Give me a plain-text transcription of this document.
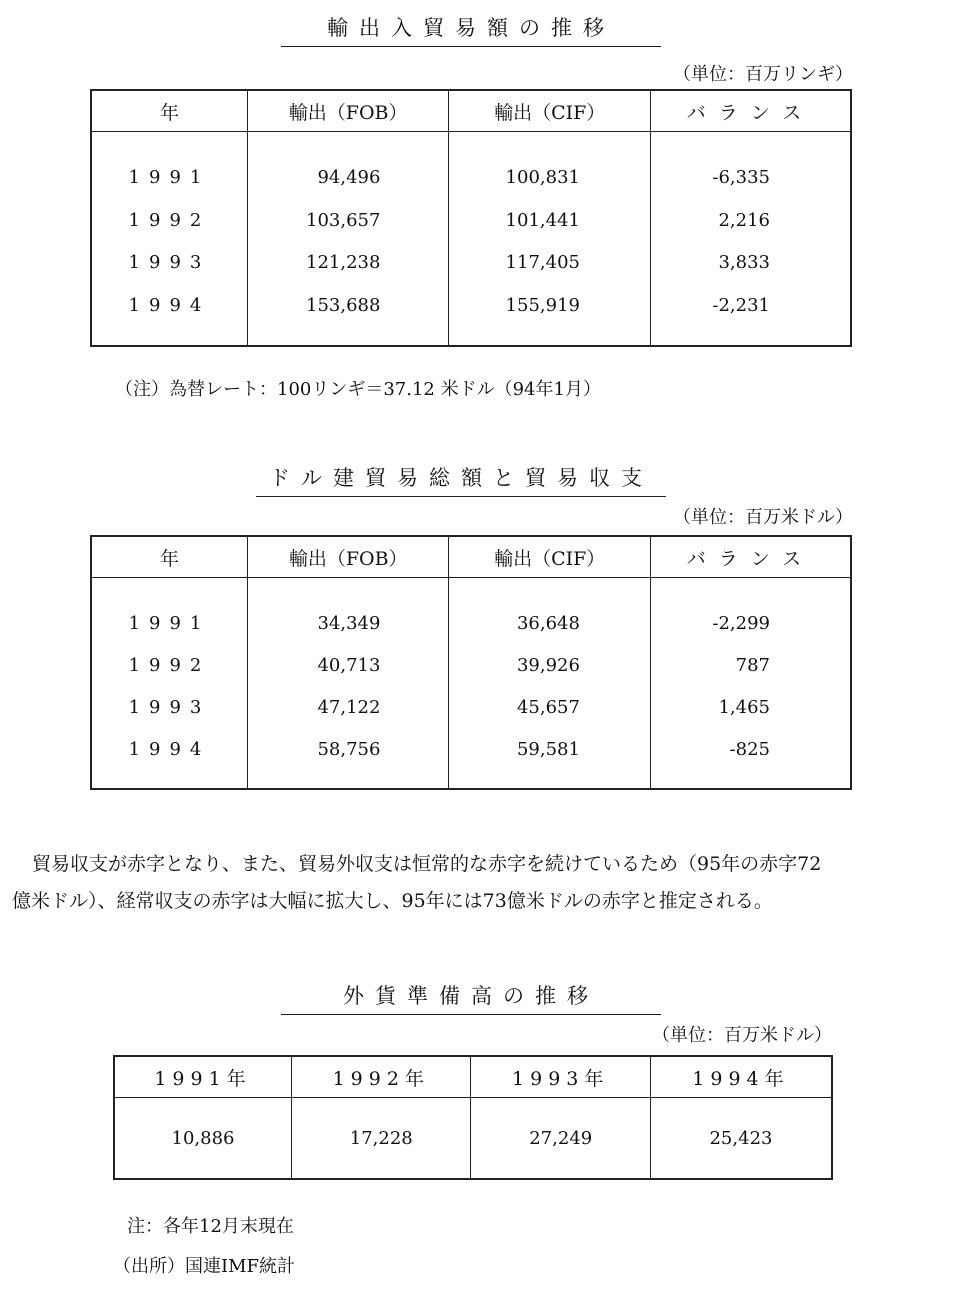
輸出入貿易額の推移
（単位：百万リンギ）
年	輸出（FOB）	輸出（CIF）	バランス
1991	94,496	100,831	-6,335
1992	103,657	101,441	2,216
1993	121,238	117,405	3,833
1994	153,688	155,919	-2,231
（注）為替レート：100リンギ＝37.12 米ドル（94年1月）
ドル建貿易総額と貿易収支
（単位：百万米ドル）
年	輸出（FOB）	輸出（CIF）	バランス
1991	34,349	36,648	-2,299
1992	40,713	39,926	787
1993	47,122	45,657	1,465
1994	58,756	59,581	-825
貿易収支が赤字となり、また、貿易外収支は恒常的な赤字を続けているため（95年の赤字72
億米ドル）、経常収支の赤字は大幅に拡大し、95年には73億米ドルの赤字と推定される。
外貨準備高の推移
（単位：百万米ドル）
1991年	1992年	1993年	1994年
10,886	17,228	27,249	25,423
注：各年12月末現在
（出所）国連IMF統計
